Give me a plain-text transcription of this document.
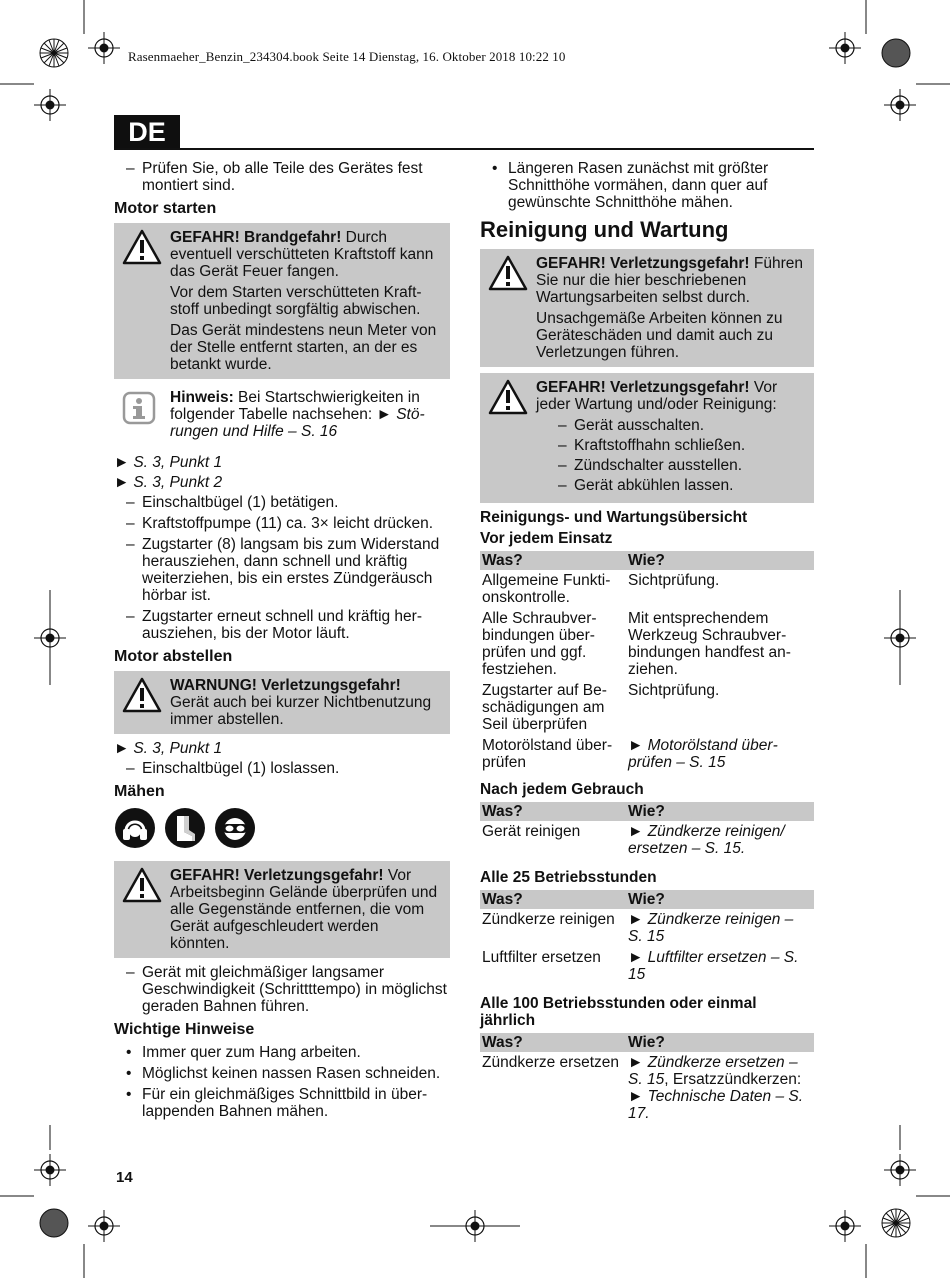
Rasenmaeher_Benzin_234304.book Seite 14 Dienstag, 16. Oktober 2018 10:22 10
DE
– Prüfen Sie, ob alle Teile des Gerätes fest montiert sind.
Motor starten

GEFAHR! Brandgefahr! Durch eventuell verschütteten Kraftstoff kann das Gerät Feuer fangen.

Vor dem Starten verschütteten Kraftstoff unbedingt sorgfältig abwischen.

Das Gerät mindestens neun Meter von der Stelle entfernt starten, an der es betankt wurde.

Hinweis: Bei Startschwierigkeiten in folgender Tabelle nachsehen: ► Störungen und Hilfe – S. 16
► S. 3, Punkt 1
► S. 3, Punkt 2
– Einschaltbügel (1) betätigen.
– Kraftstoffpumpe (11) ca. 3× leicht drücken.
– Zugstarter (8) langsam bis zum Widerstand herausziehen, dann schnell und kräftig weiterziehen, bis ein erstes Zündgeräusch hörbar ist.
– Zugstarter erneut schnell und kräftig herausziehen, bis der Motor läuft.
Motor abstellen

WARNUNG! Verletzungsgefahr! Gerät auch bei kurzer Nichtbenutzung immer abstellen.

► S. 3, Punkt 1
– Einschaltbügel (1) loslassen.
Mähen

GEFAHR! Verletzungsgefahr! Vor Arbeitsbeginn Gelände überprüfen und alle Gegenstände entfernen, die vom Gerät aufgeschleudert werden könnten.

– Gerät mit gleichmäßiger langsamer Geschwindigkeit (Schrittttempo) in möglichst geraden Bahnen führen.
Wichtige Hinweise
• Immer quer zum Hang arbeiten.
• Möglichst keinen nassen Rasen schneiden.
• Für ein gleichmäßiges Schnittbild in überlappenden Bahnen mähen.
• Längeren Rasen zunächst mit größter Schnitthöhe vormähen, dann quer auf gewünschte Schnitthöhe mähen.
Reinigung und Wartung

GEFAHR! Verletzungsgefahr! Führen Sie nur die hier beschriebenen Wartungsarbeiten selbst durch.

Unsachgemäße Arbeiten können zu Geräteschäden und damit auch zu Verletzungen führen.

GEFAHR! Verletzungsgefahr! Vor jeder Wartung und/oder Reinigung:

– Gerät ausschalten.
– Kraftstoffhahn schließen.
– Zündschalter ausstellen.
– Gerät abkühlen lassen.
Reinigungs- und Wartungsübersicht
Vor jedem Einsatz
Was?	Wie?
Allgemeine Funktionskontrolle.	Sichtprüfung.
Alle Schraubverbindungen überprüfen und ggf. festziehen.	Mit entsprechendem Werkzeug Schraubverbindungen handfest anziehen.
Zugstarter auf Beschädigungen am Seil überprüfen	Sichtprüfung.
Motorölstand überprüfen	► Motorölstand überprüfen – S. 15
Nach jedem Gebrauch
Was?	Wie?
Gerät reinigen	► Zündkerze reinigen/ ersetzen – S. 15.
Alle 25 Betriebsstunden
Was?	Wie?
Zündkerze reinigen	► Zündkerze reinigen – S. 15
Luftfilter ersetzen	► Luftfilter ersetzen – S. 15
Alle 100 Betriebsstunden oder einmal jährlich
Was?	Wie?
Zündkerze ersetzen	► Zündkerze ersetzen – S. 15, Ersatzzündkerzen: ► Technische Daten – S. 17.
14
